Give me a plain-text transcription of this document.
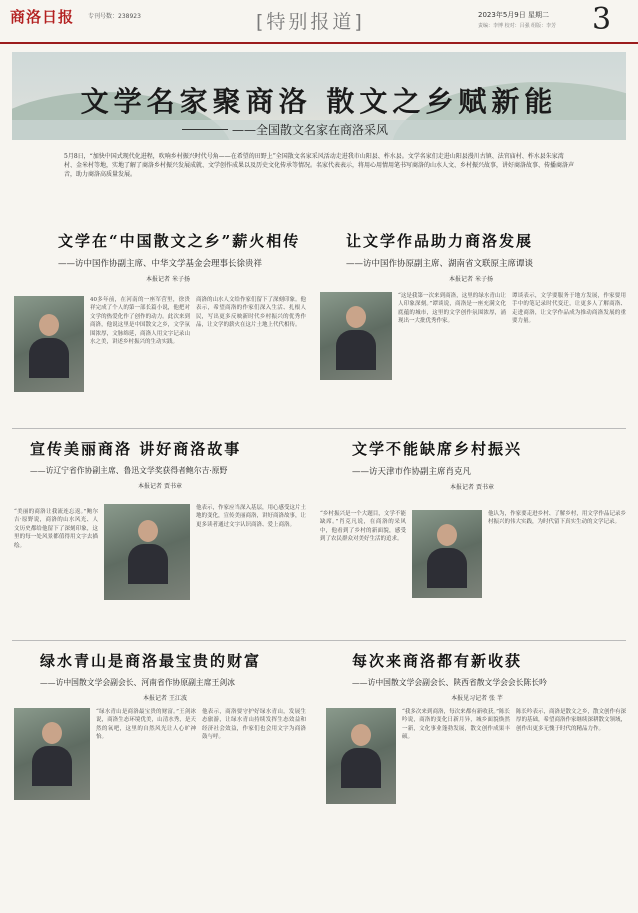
商洛日报 专刊号数：238923	[特别报道]	2023年5月9日 星期二
责编：李博 校对：吕强 组版：李芳 3
文学名家聚商洛 散文之乡赋新能
——全国散文名家在商洛采风
5月8日，“加快中国式现代化进程，吹响乡村振兴时代号角——在希望的田野上”全国散文名家采风活动走进我市山阳县、柞水县。文学名家们走进山阳县漫川古镇、法官庙村、柞水县朱家湾村、金米村等地，实地了解了商洛乡村振兴发展成就、文学创作成果以及历史文化传承等情况。名家代表表示，将用心用情用笔书写商洛的山水人文、乡村振兴故事，讲好商洛故事、传播商洛声音，助力商洛高质量发展。
文学在“中国散文之乡”薪火相传
——访中国作协副主席、中华文学基金会理事长徐贵祥
本报记者 米子扬
40多年前，在河南的一座军营里，徐贵祥完成了个人的第一部长篇小说，他把对文学的热爱化作了创作的动力。此次来到商洛，他说这里是中国散文之乡，文学氛围浓厚，文脉绵延，商洛人用文字记录山水之美，讲述乡村振兴的生动实践。
商洛的山水人文给作家们留下了深刻印象。他表示，希望商洛的作家们深入生活、扎根人民，写出更多反映新时代乡村振兴的优秀作品，让文学的薪火在这片土地上代代相传。
让文学作品助力商洛发展
——访中国作协原副主席、湖南省文联原主席谭谈
本报记者 米子扬
“这是我第一次来到商洛，这里的绿水青山让人印象深刻。”谭谈说，商洛是一座充满文化底蕴的城市，这里的文学创作氛围浓厚，涌现出一大批优秀作家。
谭谈表示，文学要服务于地方发展，作家要用手中的笔记录时代变迁，让更多人了解商洛、走进商洛，让文学作品成为推动商洛发展的重要力量。
宣传美丽商洛 讲好商洛故事
——访辽宁省作协副主席、鲁迅文学奖获得者鲍尔吉·原野
本报记者 贾书章
“美丽的商洛让我流连忘返。”鲍尔吉·原野说，商洛的山水风光、人文历史都给他留下了深刻印象，这里的每一处风景都值得用文字去描绘。
他表示，作家应当深入基层，用心感受这片土地的变化，宣传美丽商洛，讲好商洛故事，让更多读者通过文字认识商洛、爱上商洛。
文学不能缺席乡村振兴
——访天津市作协副主席肖克凡
本报记者 贾书章
“乡村振兴是一个大题目，文学不能缺席。”肖克凡说，在商洛的采风中，他看到了乡村的新面貌，感受到了农民群众对美好生活的追求。
他认为，作家要走进乡村、了解乡村，用文学作品记录乡村振兴的伟大实践，为时代留下真实生动的文学记录。
绿水青山是商洛最宝贵的财富
——访中国散文学会副会长、河南省作协原副主席王剑冰
本报记者 王江波
“绿水青山是商洛最宝贵的财富。”王剑冰说，商洛生态环境优美，山清水秀，是天然的氧吧，这里的自然风光让人心旷神怡。
他表示，商洛要守护好绿水青山，发展生态旅游，让绿水青山持续发挥生态效益和经济社会效益，作家们也会用文字为商洛鼓与呼。
每次来商洛都有新收获
——访中国散文学会副会长、陕西省散文学会会长陈长吟
本报见习记者 张 芊
“我多次来到商洛，每次来都有新收获。”陈长吟说，商洛的变化日新月异，城乡面貌焕然一新，文化事业蓬勃发展，散文创作成果丰硕。
陈长吟表示，商洛是散文之乡，散文创作有深厚的基础，希望商洛作家继续深耕散文领域，创作出更多无愧于时代的精品力作。
